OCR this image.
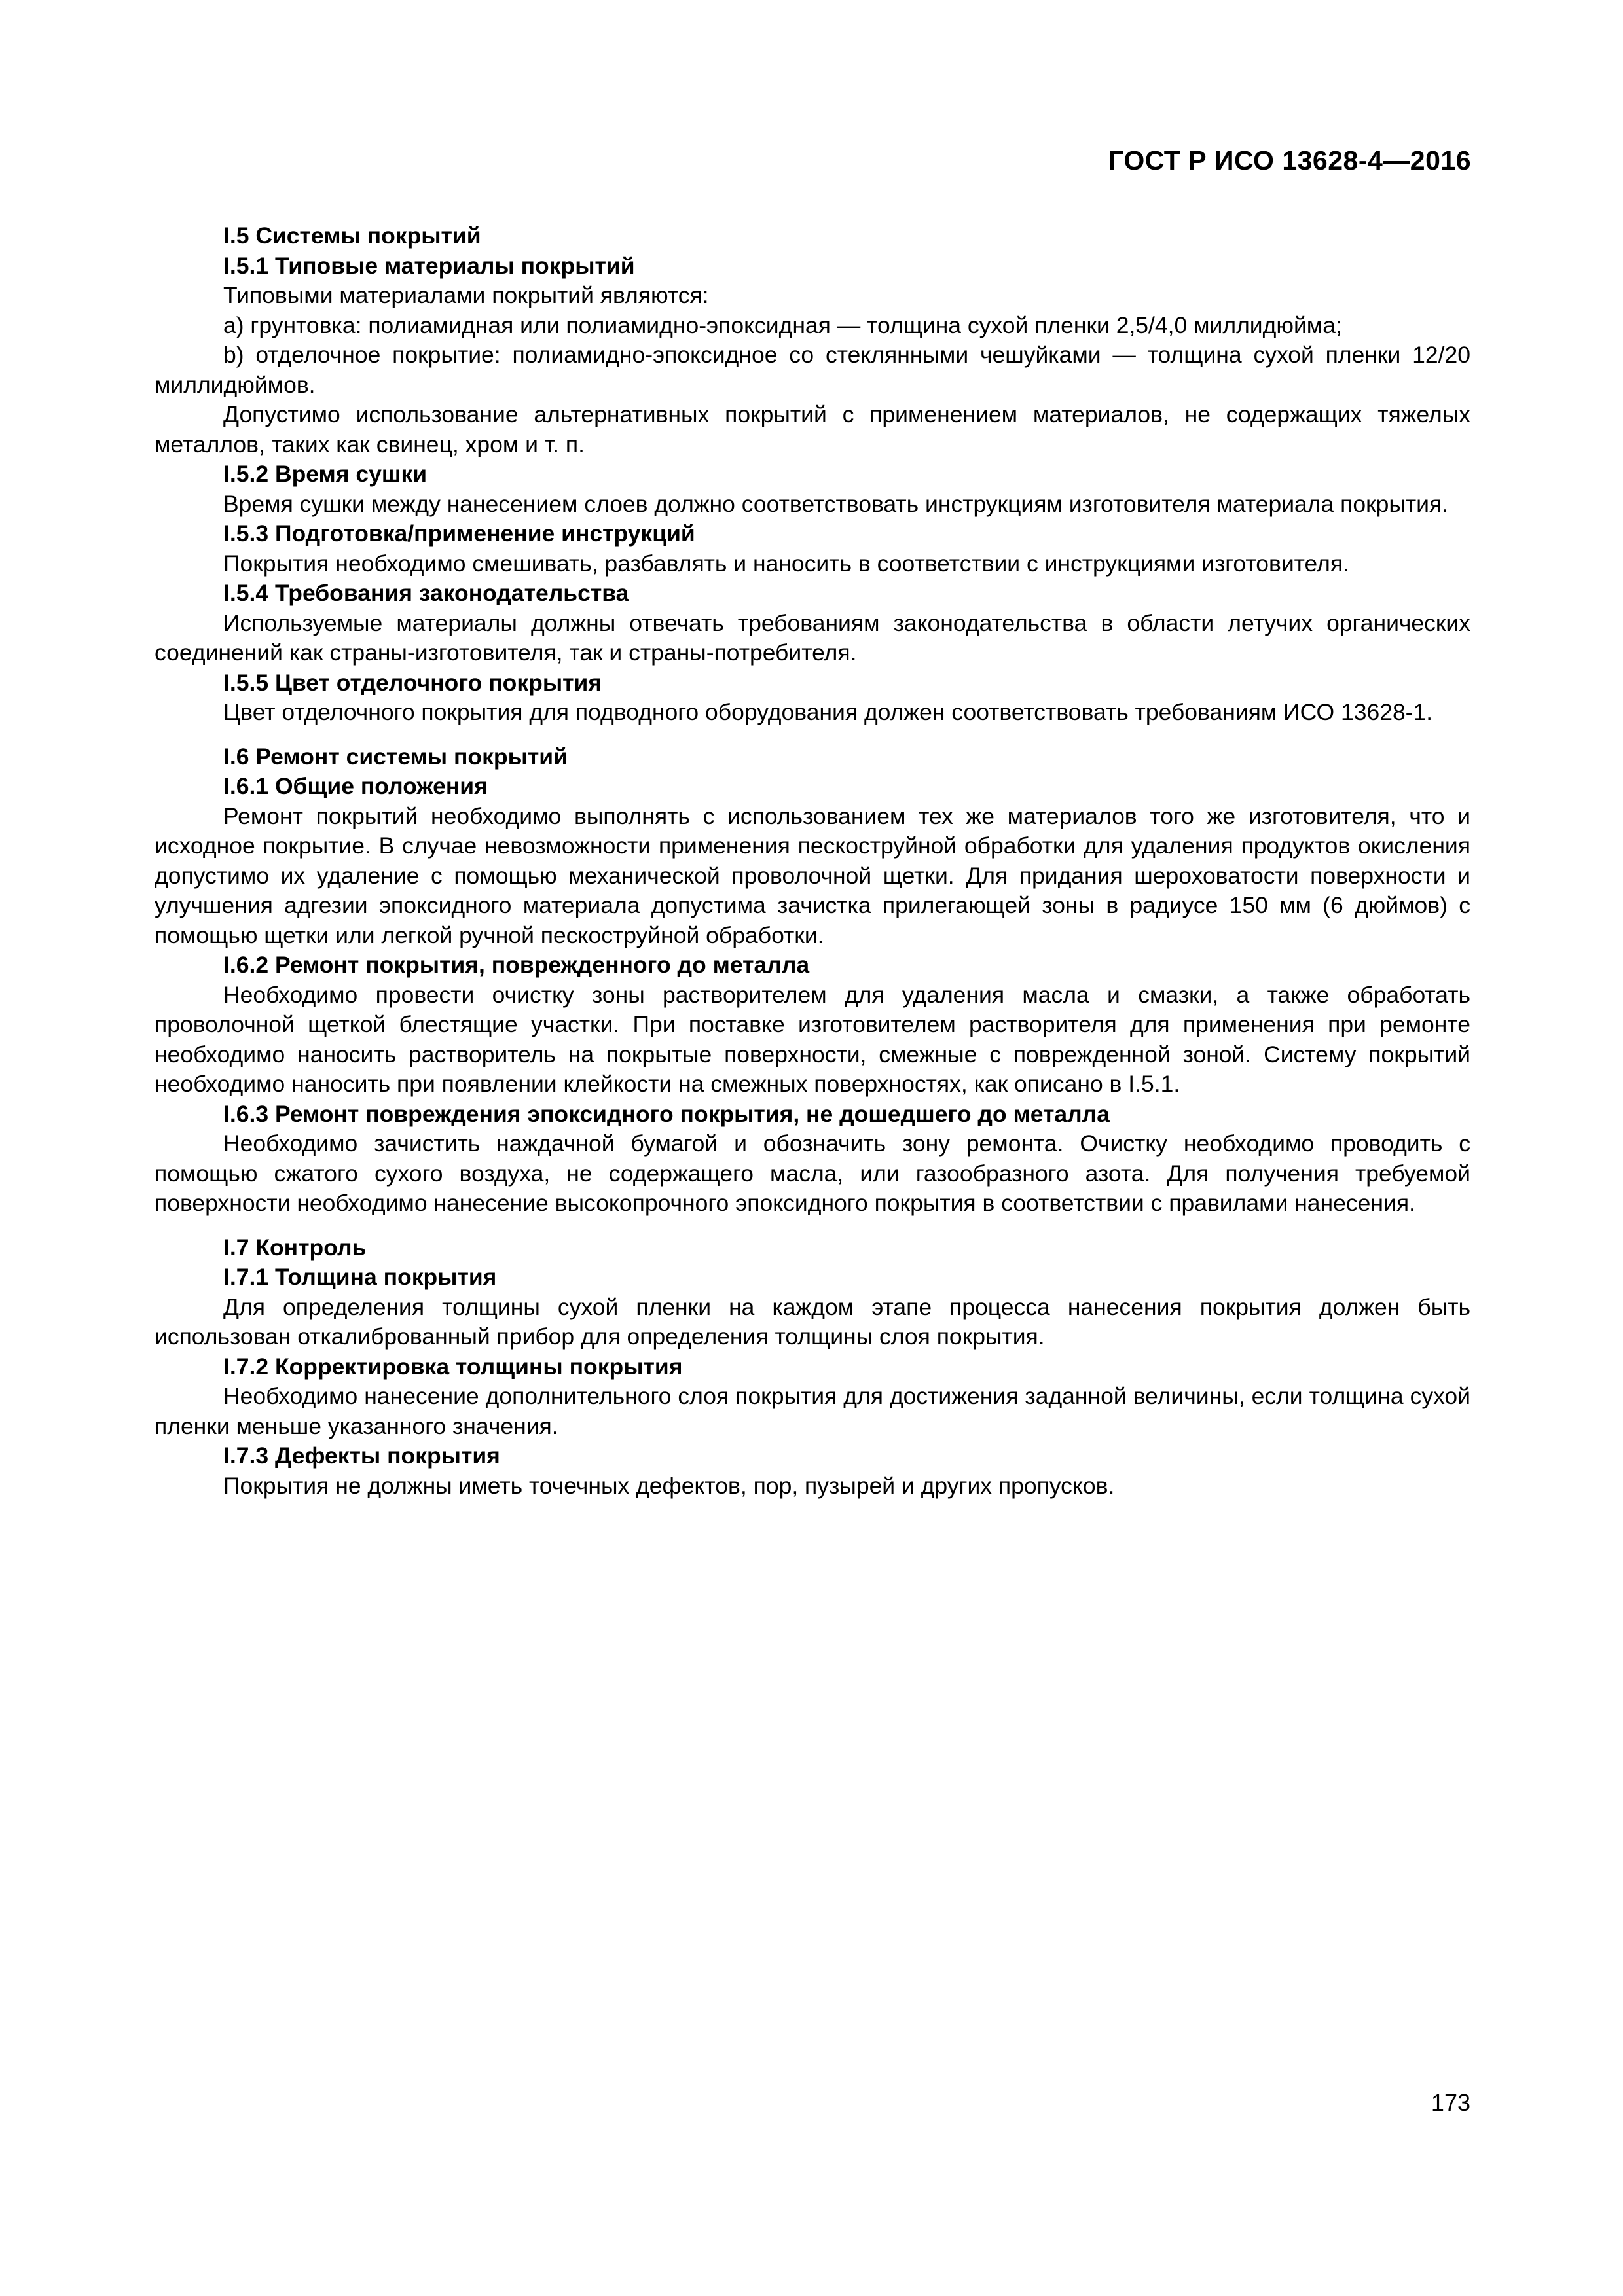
ГОСТ Р ИСО 13628-4—2016

I.5 Системы покрытий

I.5.1 Типовые материалы покрытий

Типовыми материалами покрытий являются:

a) грунтовка: полиамидная или полиамидно-эпоксидная — толщина сухой пленки 2,5/4,0 миллидюйма;

b) отделочное покрытие: полиамидно-эпоксидное со стеклянными чешуйками — толщина сухой пленки 12/20 миллидюймов.

Допустимо использование альтернативных покрытий с применением материалов, не содержащих тяжелых металлов, таких как свинец, хром и т. п.

I.5.2 Время сушки

Время сушки между нанесением слоев должно соответствовать инструкциям изготовителя материала покрытия.

I.5.3 Подготовка/применение инструкций

Покрытия необходимо смешивать, разбавлять и наносить в соответствии с инструкциями изготовителя.

I.5.4 Требования законодательства

Используемые материалы должны отвечать требованиям законодательства в области летучих органических соединений как страны-изготовителя, так и страны-потребителя.

I.5.5 Цвет отделочного покрытия

Цвет отделочного покрытия для подводного оборудования должен соответствовать требованиям ИСО 13628-1.

I.6 Ремонт системы покрытий

I.6.1 Общие положения

Ремонт покрытий необходимо выполнять с использованием тех же материалов того же изготовителя, что и исходное покрытие. В случае невозможности применения пескоструйной обработки для удаления продуктов окисления допустимо их удаление с помощью механической проволочной щетки. Для придания шероховатости поверхности и улучшения адгезии эпоксидного материала допустима зачистка прилегающей зоны в радиусе 150 мм (6 дюймов) с помощью щетки или легкой ручной пескоструйной обработки.

I.6.2 Ремонт покрытия, поврежденного до металла

Необходимо провести очистку зоны растворителем для удаления масла и смазки, а также обработать проволочной щеткой блестящие участки. При поставке изготовителем растворителя для применения при ремонте необходимо наносить растворитель на покрытые поверхности, смежные с поврежденной зоной. Систему покрытий необходимо наносить при появлении клейкости на смежных поверхностях, как описано в I.5.1.

I.6.3 Ремонт повреждения эпоксидного покрытия, не дошедшего до металла

Необходимо зачистить наждачной бумагой и обозначить зону ремонта. Очистку необходимо проводить с помощью сжатого сухого воздуха, не содержащего масла, или газообразного азота. Для получения требуемой поверхности необходимо нанесение высокопрочного эпоксидного покрытия в соответствии с правилами нанесения.

I.7 Контроль

I.7.1 Толщина покрытия

Для определения толщины сухой пленки на каждом этапе процесса нанесения покрытия должен быть использован откалиброванный прибор для определения толщины слоя покрытия.

I.7.2 Корректировка толщины покрытия

Необходимо нанесение дополнительного слоя покрытия для достижения заданной величины, если толщина сухой пленки меньше указанного значения.

I.7.3 Дефекты покрытия

Покрытия не должны иметь точечных дефектов, пор, пузырей и других пропусков.

173
